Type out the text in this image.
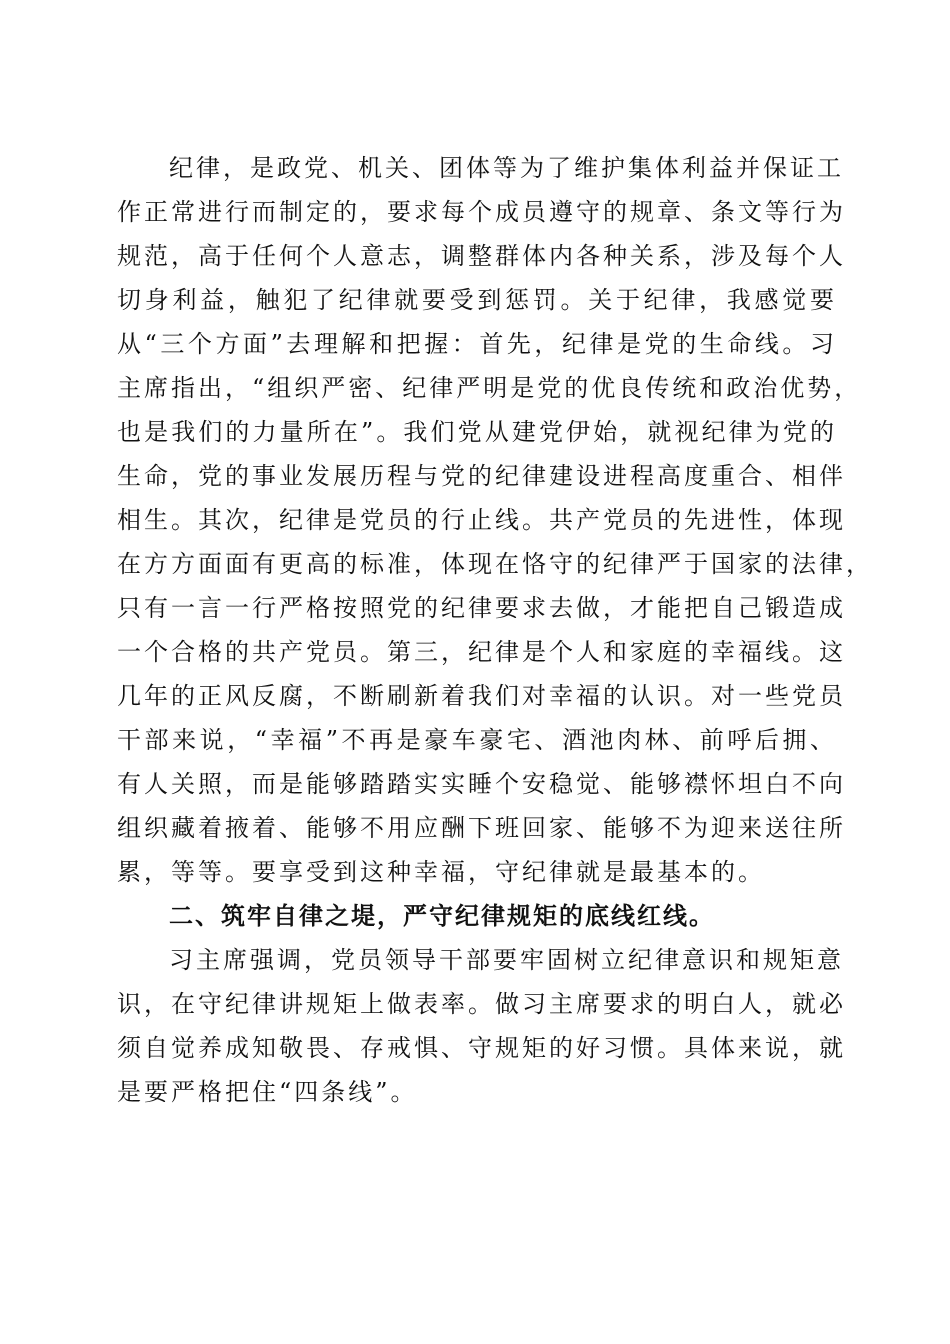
纪律，是政党、机关、团体等为了维护集体利益并保证工
作正常进行而制定的，要求每个成员遵守的规章、条文等行为
规范，高于任何个人意志，调整群体内各种关系，涉及每个人
切身利益，触犯了纪律就要受到惩罚。关于纪律，我感觉要
从“三个方面”去理解和把握：首先，纪律是党的生命线。习
主席指出，“组织严密、纪律严明是党的优良传统和政治优势，
也是我们的力量所在”。我们党从建党伊始，就视纪律为党的
生命，党的事业发展历程与党的纪律建设进程高度重合、相伴
相生。其次，纪律是党员的行止线。共产党员的先进性，体现
在方方面面有更高的标准，体现在恪守的纪律严于国家的法律，
只有一言一行严格按照党的纪律要求去做，才能把自己锻造成
一个合格的共产党员。第三，纪律是个人和家庭的幸福线。这
几年的正风反腐，不断刷新着我们对幸福的认识。对一些党员
干部来说，“幸福”不再是豪车豪宅、酒池肉林、前呼后拥、
有人关照，而是能够踏踏实实睡个安稳觉、能够襟怀坦白不向
组织藏着掖着、能够不用应酬下班回家、能够不为迎来送往所
累，等等。要享受到这种幸福，守纪律就是最基本的。
二、筑牢自律之堤，严守纪律规矩的底线红线。
习主席强调，党员领导干部要牢固树立纪律意识和规矩意
识，在守纪律讲规矩上做表率。做习主席要求的明白人，就必
须自觉养成知敬畏、存戒惧、守规矩的好习惯。具体来说，就
是要严格把住“四条线”。
